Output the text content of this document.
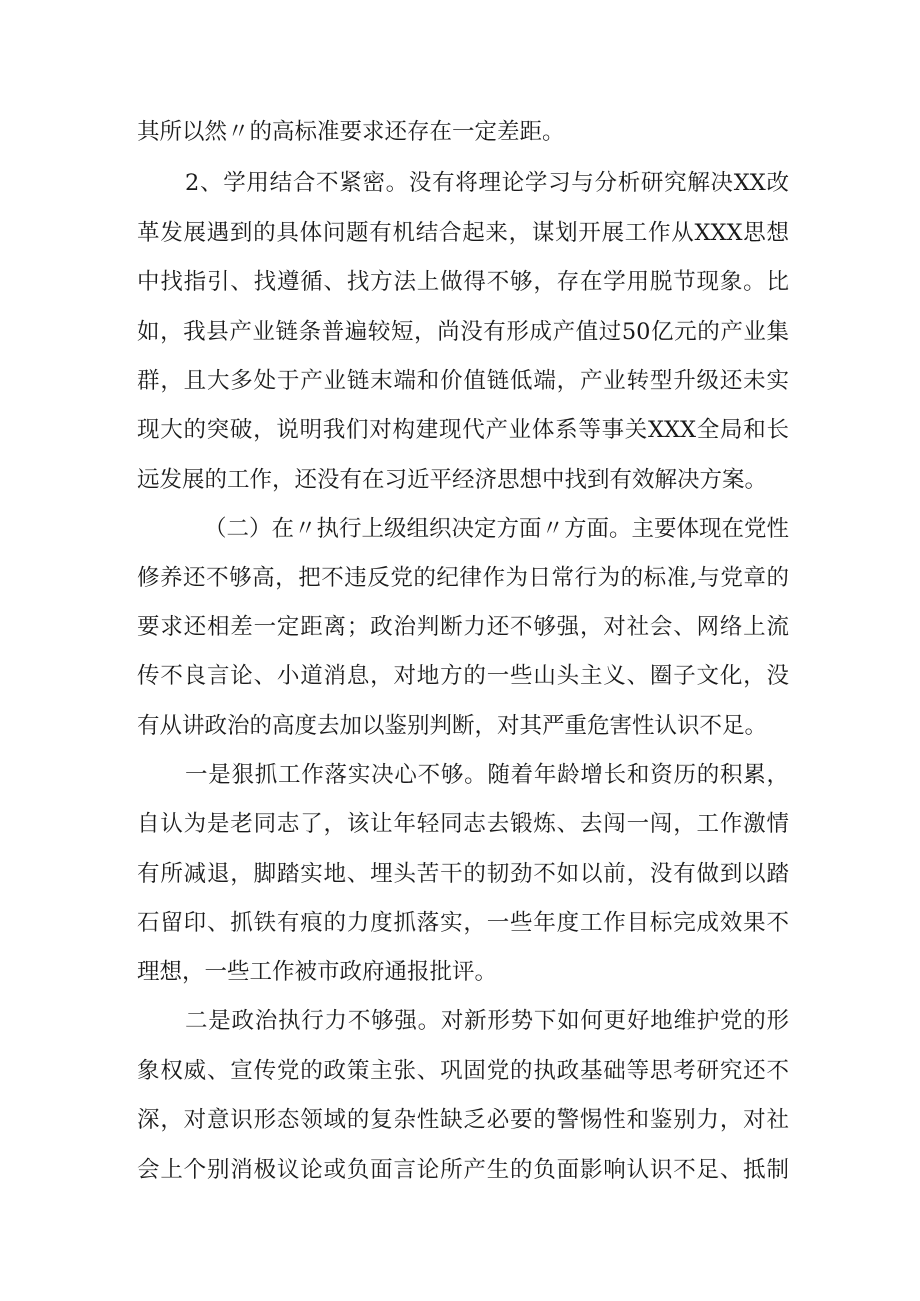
其所以然〃的高标准要求还存在一定差距。
2、学用结合不紧密。没有将理论学习与分析研究解决XX改
革发展遇到的具体问题有机结合起来，谋划开展工作从XXX思想
中找指引、找遵循、找方法上做得不够，存在学用脱节现象。比
如，我县产业链条普遍较短，尚没有形成产值过50亿元的产业集
群，且大多处于产业链末端和价值链低端，产业转型升级还未实
现大的突破，说明我们对构建现代产业体系等事关XXX全局和长
远发展的工作，还没有在习近平经济思想中找到有效解决方案。
（二）在〃执行上级组织决定方面〃方面。主要体现在党性
修养还不够高，把不违反党的纪律作为日常行为的标准,与党章的
要求还相差一定距离；政治判断力还不够强，对社会、网络上流
传不良言论、小道消息，对地方的一些山头主义、圈子文化，没
有从讲政治的高度去加以鉴别判断，对其严重危害性认识不足。
一是狠抓工作落实决心不够。随着年龄增长和资历的积累，
自认为是老同志了，该让年轻同志去锻炼、去闯一闯，工作激情
有所减退，脚踏实地、埋头苦干的韧劲不如以前，没有做到以踏
石留印、抓铁有痕的力度抓落实，一些年度工作目标完成效果不
理想，一些工作被市政府通报批评。
二是政治执行力不够强。对新形势下如何更好地维护党的形
象权威、宣传党的政策主张、巩固党的执政基础等思考研究还不
深，对意识形态领域的复杂性缺乏必要的警惕性和鉴别力，对社
会上个别消极议论或负面言论所产生的负面影响认识不足、抵制
